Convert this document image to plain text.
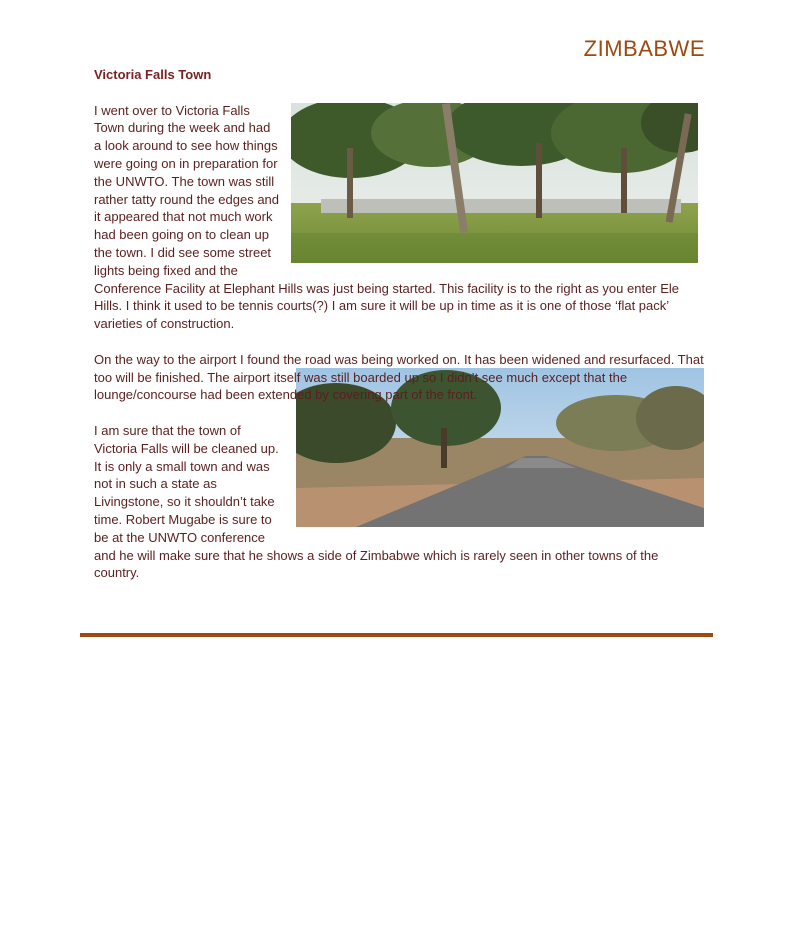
ZIMBABWE
Victoria Falls Town

I went over to Victoria Falls Town during the week and had a look around to see how things were going on in preparation for the UNWTO. The town was still rather tatty round the edges and it appeared that not much work had been going on to clean up the town. I did see some street lights being fixed and the Conference Facility at Elephant Hills was just being started. This facility is to the right as you enter Ele Hills. I think it used to be tennis courts(?) I am sure it will be up in time as it is one of those ‘flat pack’ varieties of construction.

On the way to the airport I found the road was being worked on. It has been widened and resurfaced. That too will be finished. The airport itself was still boarded up so I didn’t see much except that the lounge/concourse had been extended by covering part of the front.

I am sure that the town of Victoria Falls will be cleaned up. It is only a small town and was not in such a state as Livingstone, so it shouldn’t take time. Robert Mugabe is sure to be at the UNWTO conference and he will make sure that he shows a side of Zimbabwe which is rarely seen in other towns of the country.
